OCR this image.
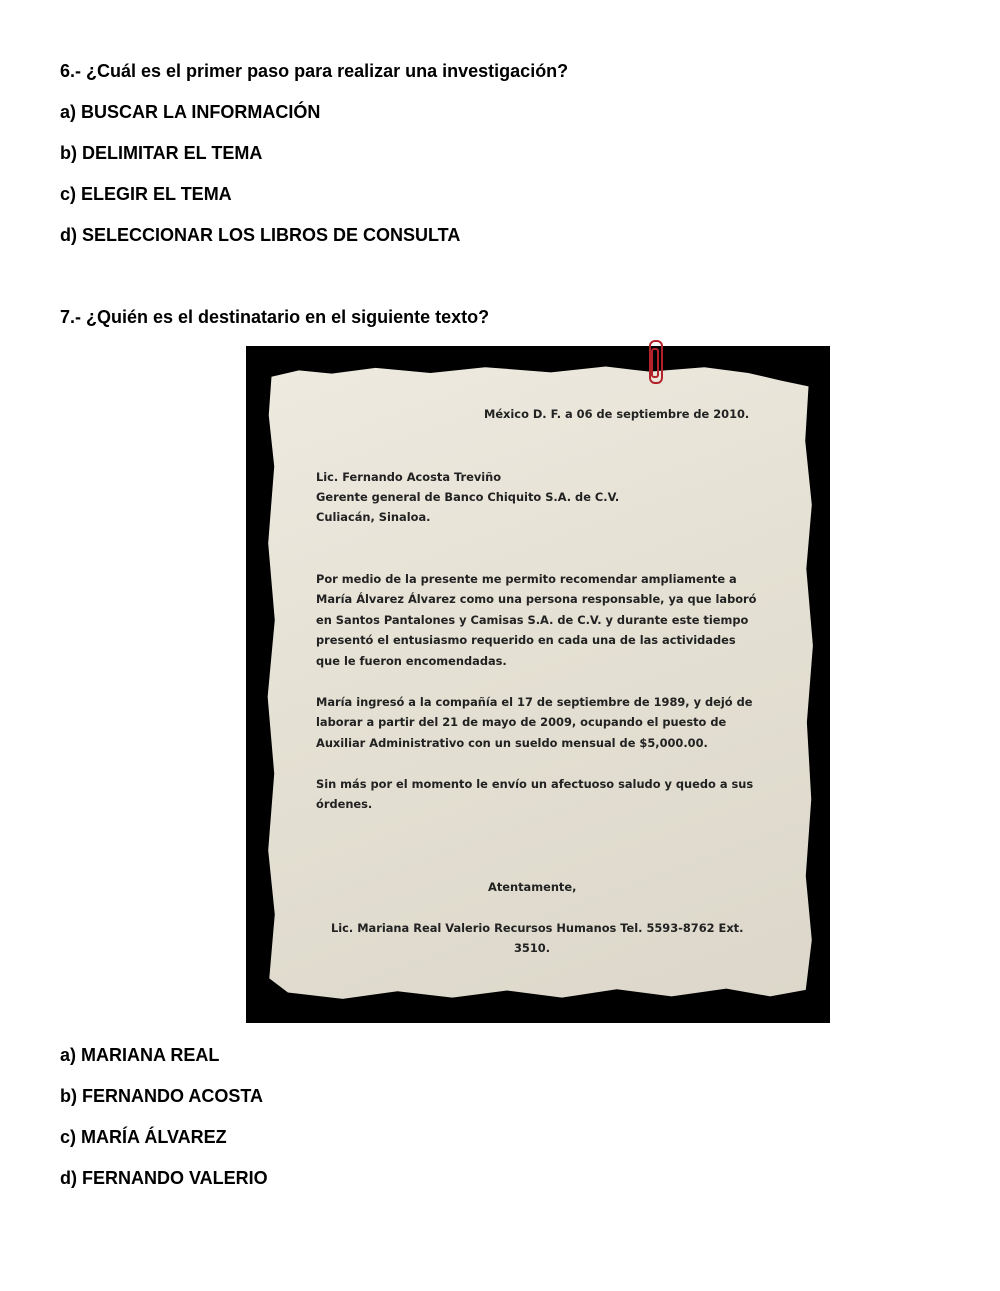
6.- ¿Cuál es el primer paso para realizar una investigación?
a) BUSCAR LA INFORMACIÓN
b) DELIMITAR EL TEMA
c) ELEGIR EL TEMA
d) SELECCIONAR LOS LIBROS DE CONSULTA
7.- ¿Quién es el destinatario en el siguiente texto?
México D. F. a 06 de septiembre de 2010.
Lic. Fernando Acosta Treviño
Gerente general de Banco Chiquito S.A. de C.V.
Culiacán, Sinaloa.
Por medio de la presente me permito recomendar ampliamente a
María Álvarez Álvarez como una persona responsable, ya que laboró
en Santos Pantalones y Camisas S.A. de C.V. y durante este tiempo
presentó el entusiasmo requerido en cada una de las actividades
que le fueron encomendadas.
María ingresó a la compañía el 17 de septiembre de 1989, y dejó de
laborar a partir del 21 de mayo de 2009, ocupando el puesto de
Auxiliar Administrativo con un sueldo mensual de $5,000.00.
Sin más por el momento le envío un afectuoso saludo y quedo a sus
órdenes.
Atentamente,
Lic. Mariana Real Valerio Recursos Humanos Tel. 5593-8762 Ext.
3510.
a) MARIANA REAL
b) FERNANDO ACOSTA
c) MARÍA ÁLVAREZ
d) FERNANDO VALERIO
